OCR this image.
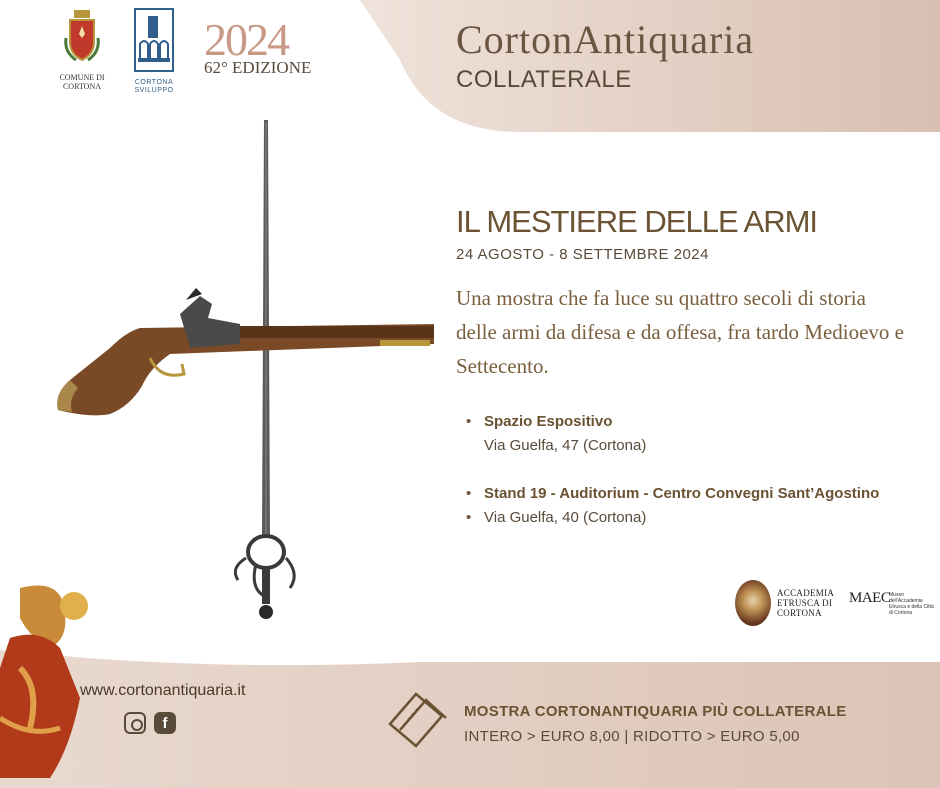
COMUNE DI CORTONA	CORTONA SVILUPPO
2024
62° EDIZIONE
CortonAntiquaria
COLLATERALE
IL MESTIERE DELLE ARMI
24 AGOSTO - 8 SETTEMBRE 2024
Una mostra che fa luce su quattro secoli di storia delle armi da difesa e da offesa, fra tardo Medioevo e Settecento.
• Spazio Espositivo
Via Guelfa, 47 (Cortona)
• Stand 19 - Auditorium - Centro Convegni Sant’Agostino
• Via Guelfa, 40 (Cortona)
ACCADEMIA ETRUSCA DI CORTONA
MAEC
Museo dell’Accademia Etrusca e della Città di Cortona
www.cortonantiquaria.it
f
MOSTRA CORTONANTIQUARIA PIÙ COLLATERALE
INTERO > EURO 8,00 | RIDOTTO > EURO 5,00
